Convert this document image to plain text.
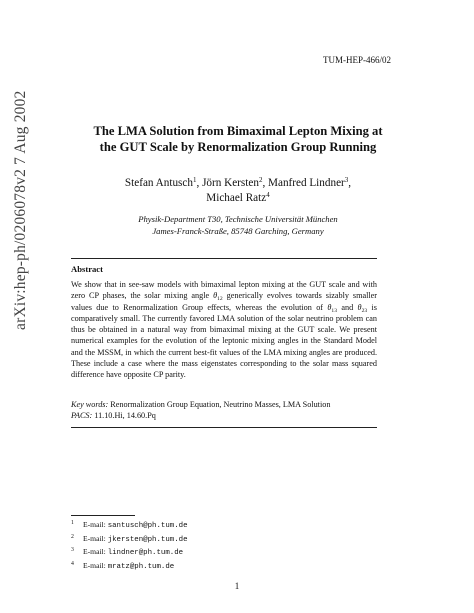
arXiv:hep-ph/0206078v2 7 Aug 2002
TUM-HEP-466/02
The LMA Solution from Bimaximal Lepton Mixing at
the GUT Scale by Renormalization Group Running
Stefan Antusch$^1$, Jörn Kersten$^2$, Manfred Lindner$^3$,
Michael Ratz$^4$
Physik-Department T30, Technische Universität München
James-Franck-Straße, 85748 Garching, Germany
Abstract
We show that in see-saw models with bimaximal lepton mixing at the GUT scale and with zero CP phases, the solar mixing angle $\theta_{12}$ generically evolves towards sizably smaller values due to Renormalization Group effects, whereas the evolution of $\theta_{13}$ and $\theta_{23}$ is comparatively small. The currently favored LMA solution of the solar neutrino problem can thus be obtained in a natural way from bimaximal mixing at the GUT scale. We present numerical examples for the evolution of the leptonic mixing angles in the Standard Model and the MSSM, in which the current best-fit values of the LMA mixing angles are produced. These include a case where the mass eigenstates corresponding to the solar mass squared difference have opposite CP parity.
Key words: Renormalization Group Equation, Neutrino Masses, LMA Solution
PACS: 11.10.Hi, 14.60.Pq
1 E-mail: santusch@ph.tum.de
2 E-mail: jkersten@ph.tum.de
3 E-mail: lindner@ph.tum.de
4 E-mail: mratz@ph.tum.de
1
